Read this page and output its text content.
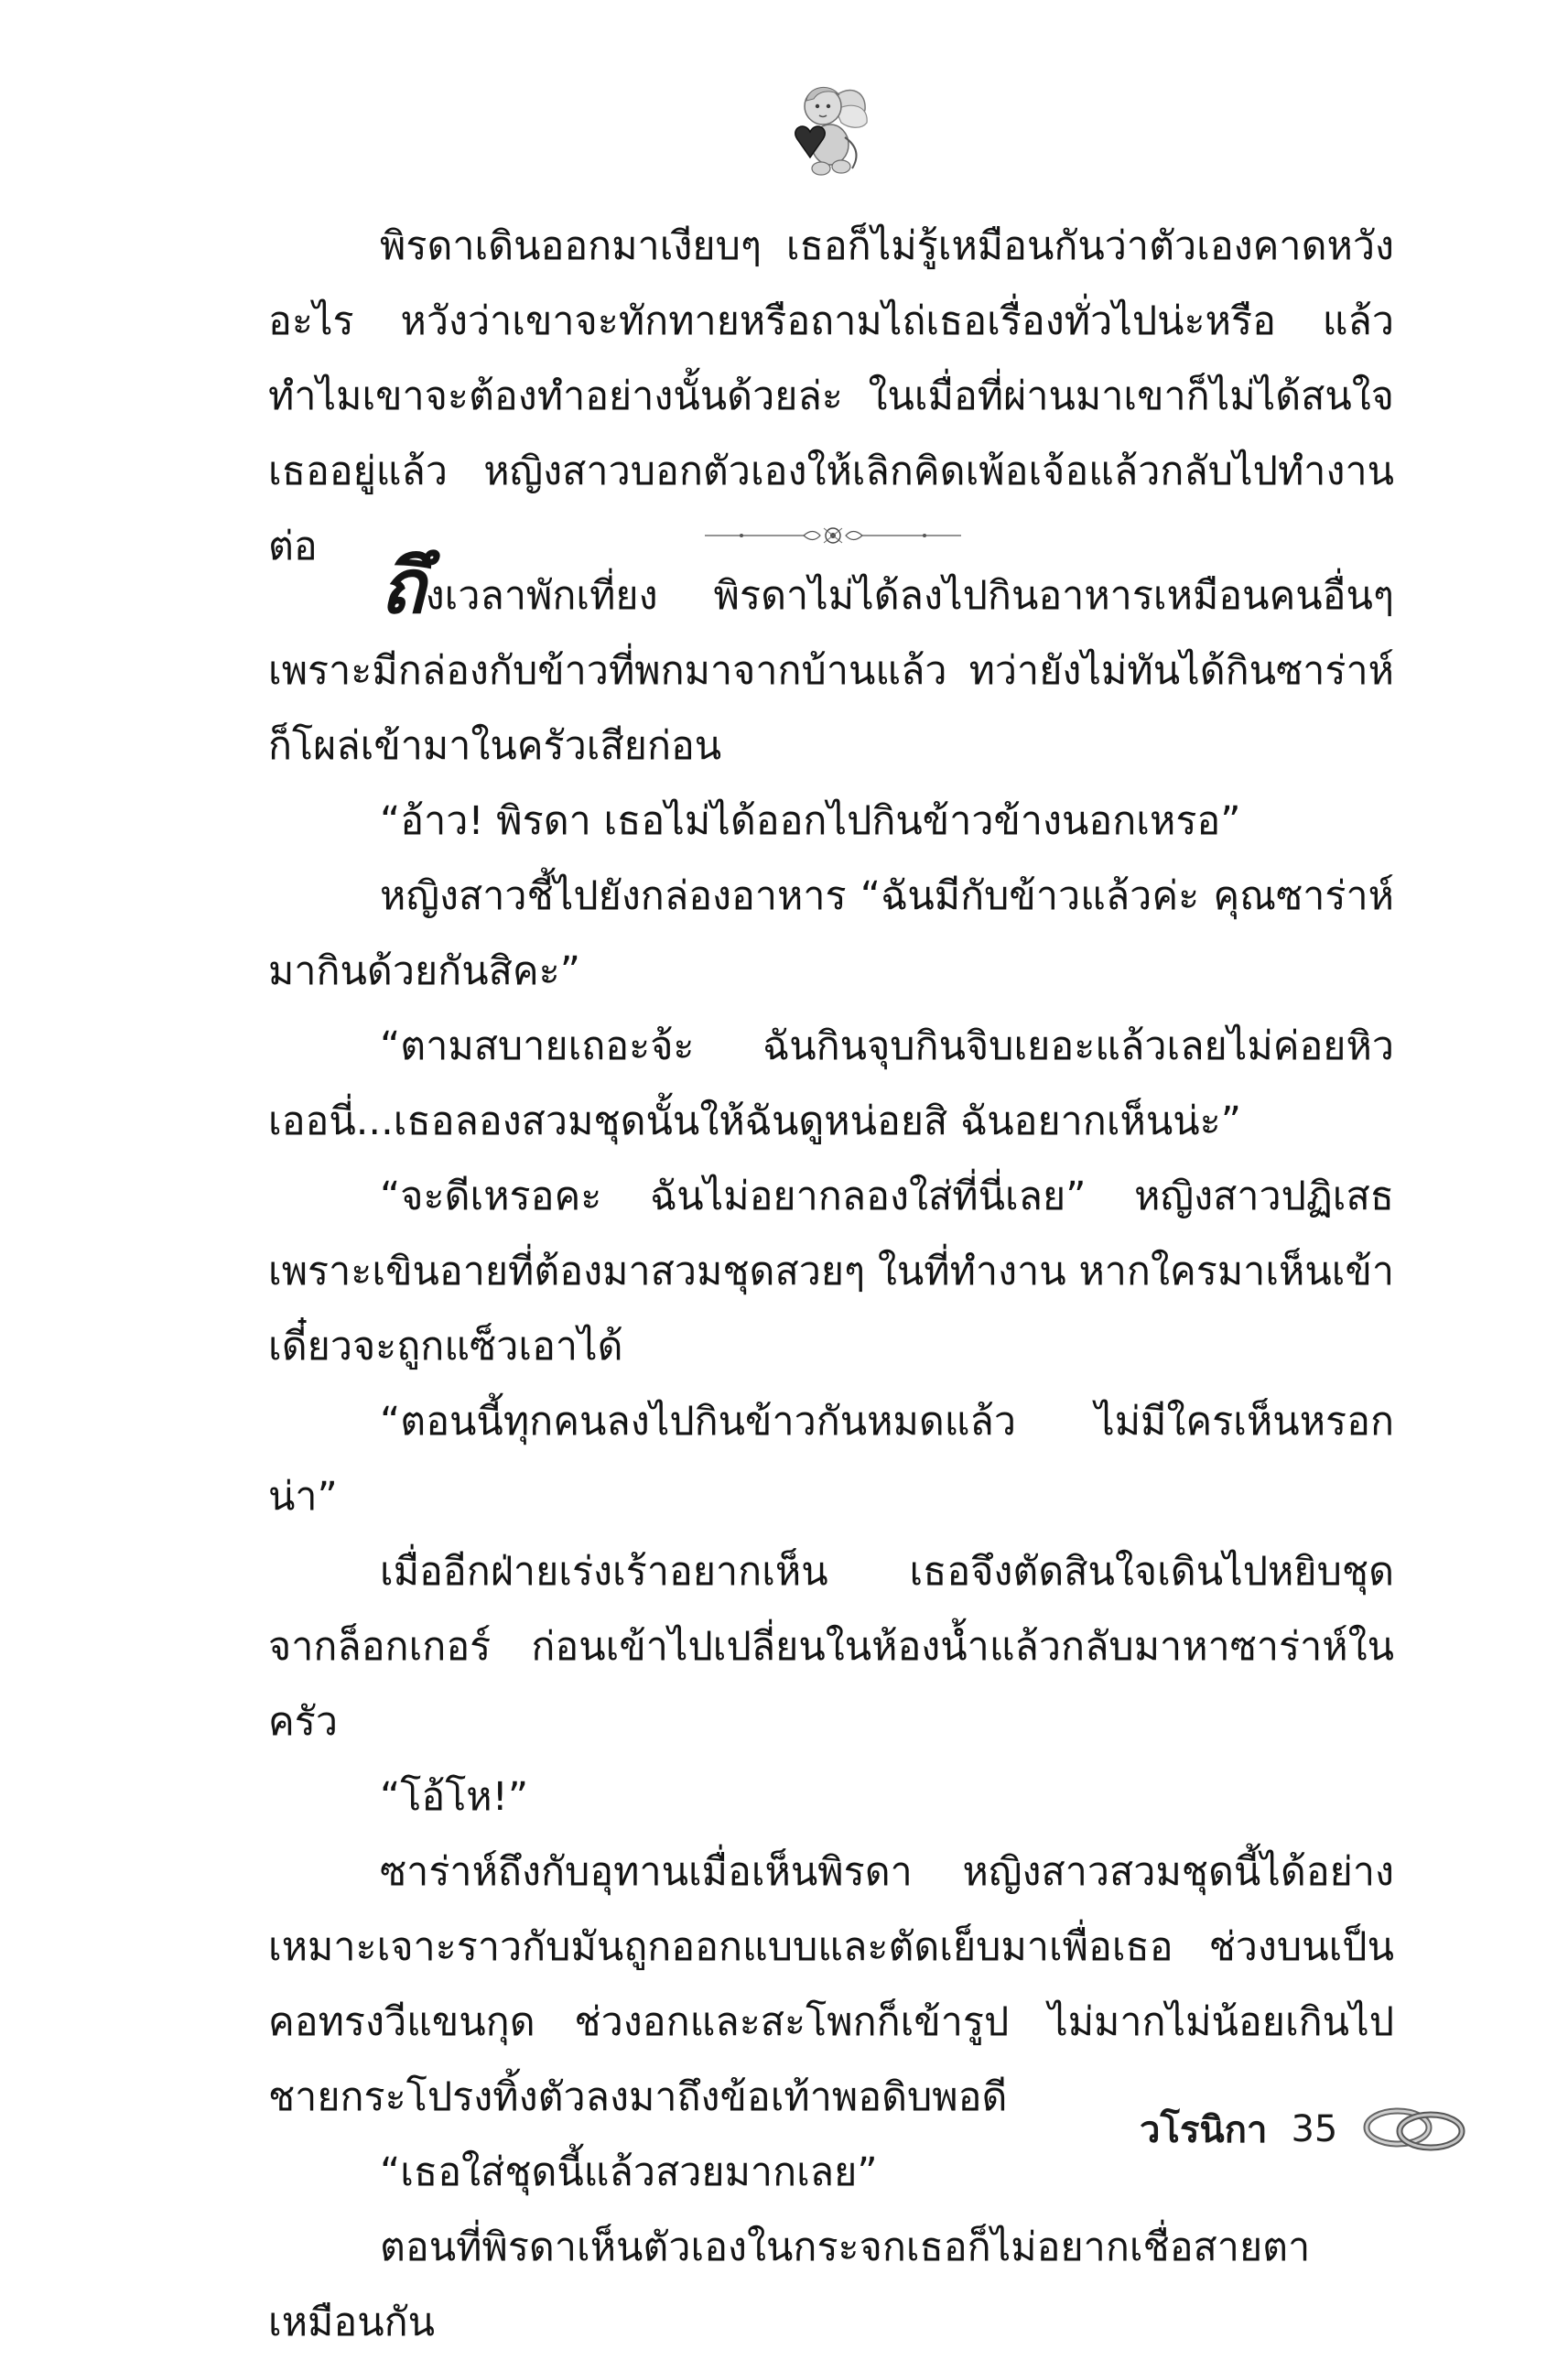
พิรดาเดินออกมาเงียบๆ เธอก็ไม่รู้เหมือนกันว่าตัวเองคาดหวังอะไร หวังว่าเขาจะทักทายหรือถามไถ่เธอเรื่องทั่วไปน่ะหรือ แล้วทำไมเขาจะต้องทำอย่างนั้นด้วยล่ะ ในเมื่อที่ผ่านมาเขาก็ไม่ได้สนใจเธออยู่แล้ว หญิงสาวบอกตัวเองให้เลิกคิดเพ้อเจ้อแล้วกลับไปทำงานต่อ ถึงเวลาพักเที่ยง พิรดาไม่ได้ลงไปกินอาหารเหมือนคนอื่นๆ เพราะมีกล่องกับข้าวที่พกมาจากบ้านแล้ว ทว่ายังไม่ทันได้กินซาร่าห์ก็โผล่เข้ามาในครัวเสียก่อน

“อ้าว! พิรดา เธอไม่ได้ออกไปกินข้าวข้างนอกเหรอ”

หญิงสาวชี้ไปยังกล่องอาหาร “ฉันมีกับข้าวแล้วค่ะ คุณซาร่าห์มากินด้วยกันสิคะ”

“ตามสบายเถอะจ้ะ ฉันกินจุบกินจิบเยอะแล้วเลยไม่ค่อยหิว เออนี่...เธอลองสวมชุดนั้นให้ฉันดูหน่อยสิ ฉันอยากเห็นน่ะ”

“จะดีเหรอคะ ฉันไม่อยากลองใส่ที่นี่เลย” หญิงสาวปฏิเสธเพราะเขินอายที่ต้องมาสวมชุดสวยๆ ในที่ทำงาน หากใครมาเห็นเข้าเดี๋ยวจะถูกแซ็วเอาได้

“ตอนนี้ทุกคนลงไปกินข้าวกันหมดแล้ว ไม่มีใครเห็นหรอกน่า”

เมื่ออีกฝ่ายเร่งเร้าอยากเห็น เธอจึงตัดสินใจเดินไปหยิบชุดจากล็อกเกอร์ ก่อนเข้าไปเปลี่ยนในห้องน้ำแล้วกลับมาหาซาร่าห์ในครัว

“โอ้โห!”

ซาร่าห์ถึงกับอุทานเมื่อเห็นพิรดา หญิงสาวสวมชุดนี้ได้อย่างเหมาะเจาะราวกับมันถูกออกแบบและตัดเย็บมาเพื่อเธอ ช่วงบนเป็นคอทรงวีแขนกุด ช่วงอกและสะโพกก็เข้ารูป ไม่มากไม่น้อยเกินไป ชายกระโปรงทิ้งตัวลงมาถึงข้อเท้าพอดิบพอดี

“เธอใส่ชุดนี้แล้วสวยมากเลย”

ตอนที่พิรดาเห็นตัวเองในกระจกเธอก็ไม่อยากเชื่อสายตาเหมือนกัน

วโรนิกา 35
